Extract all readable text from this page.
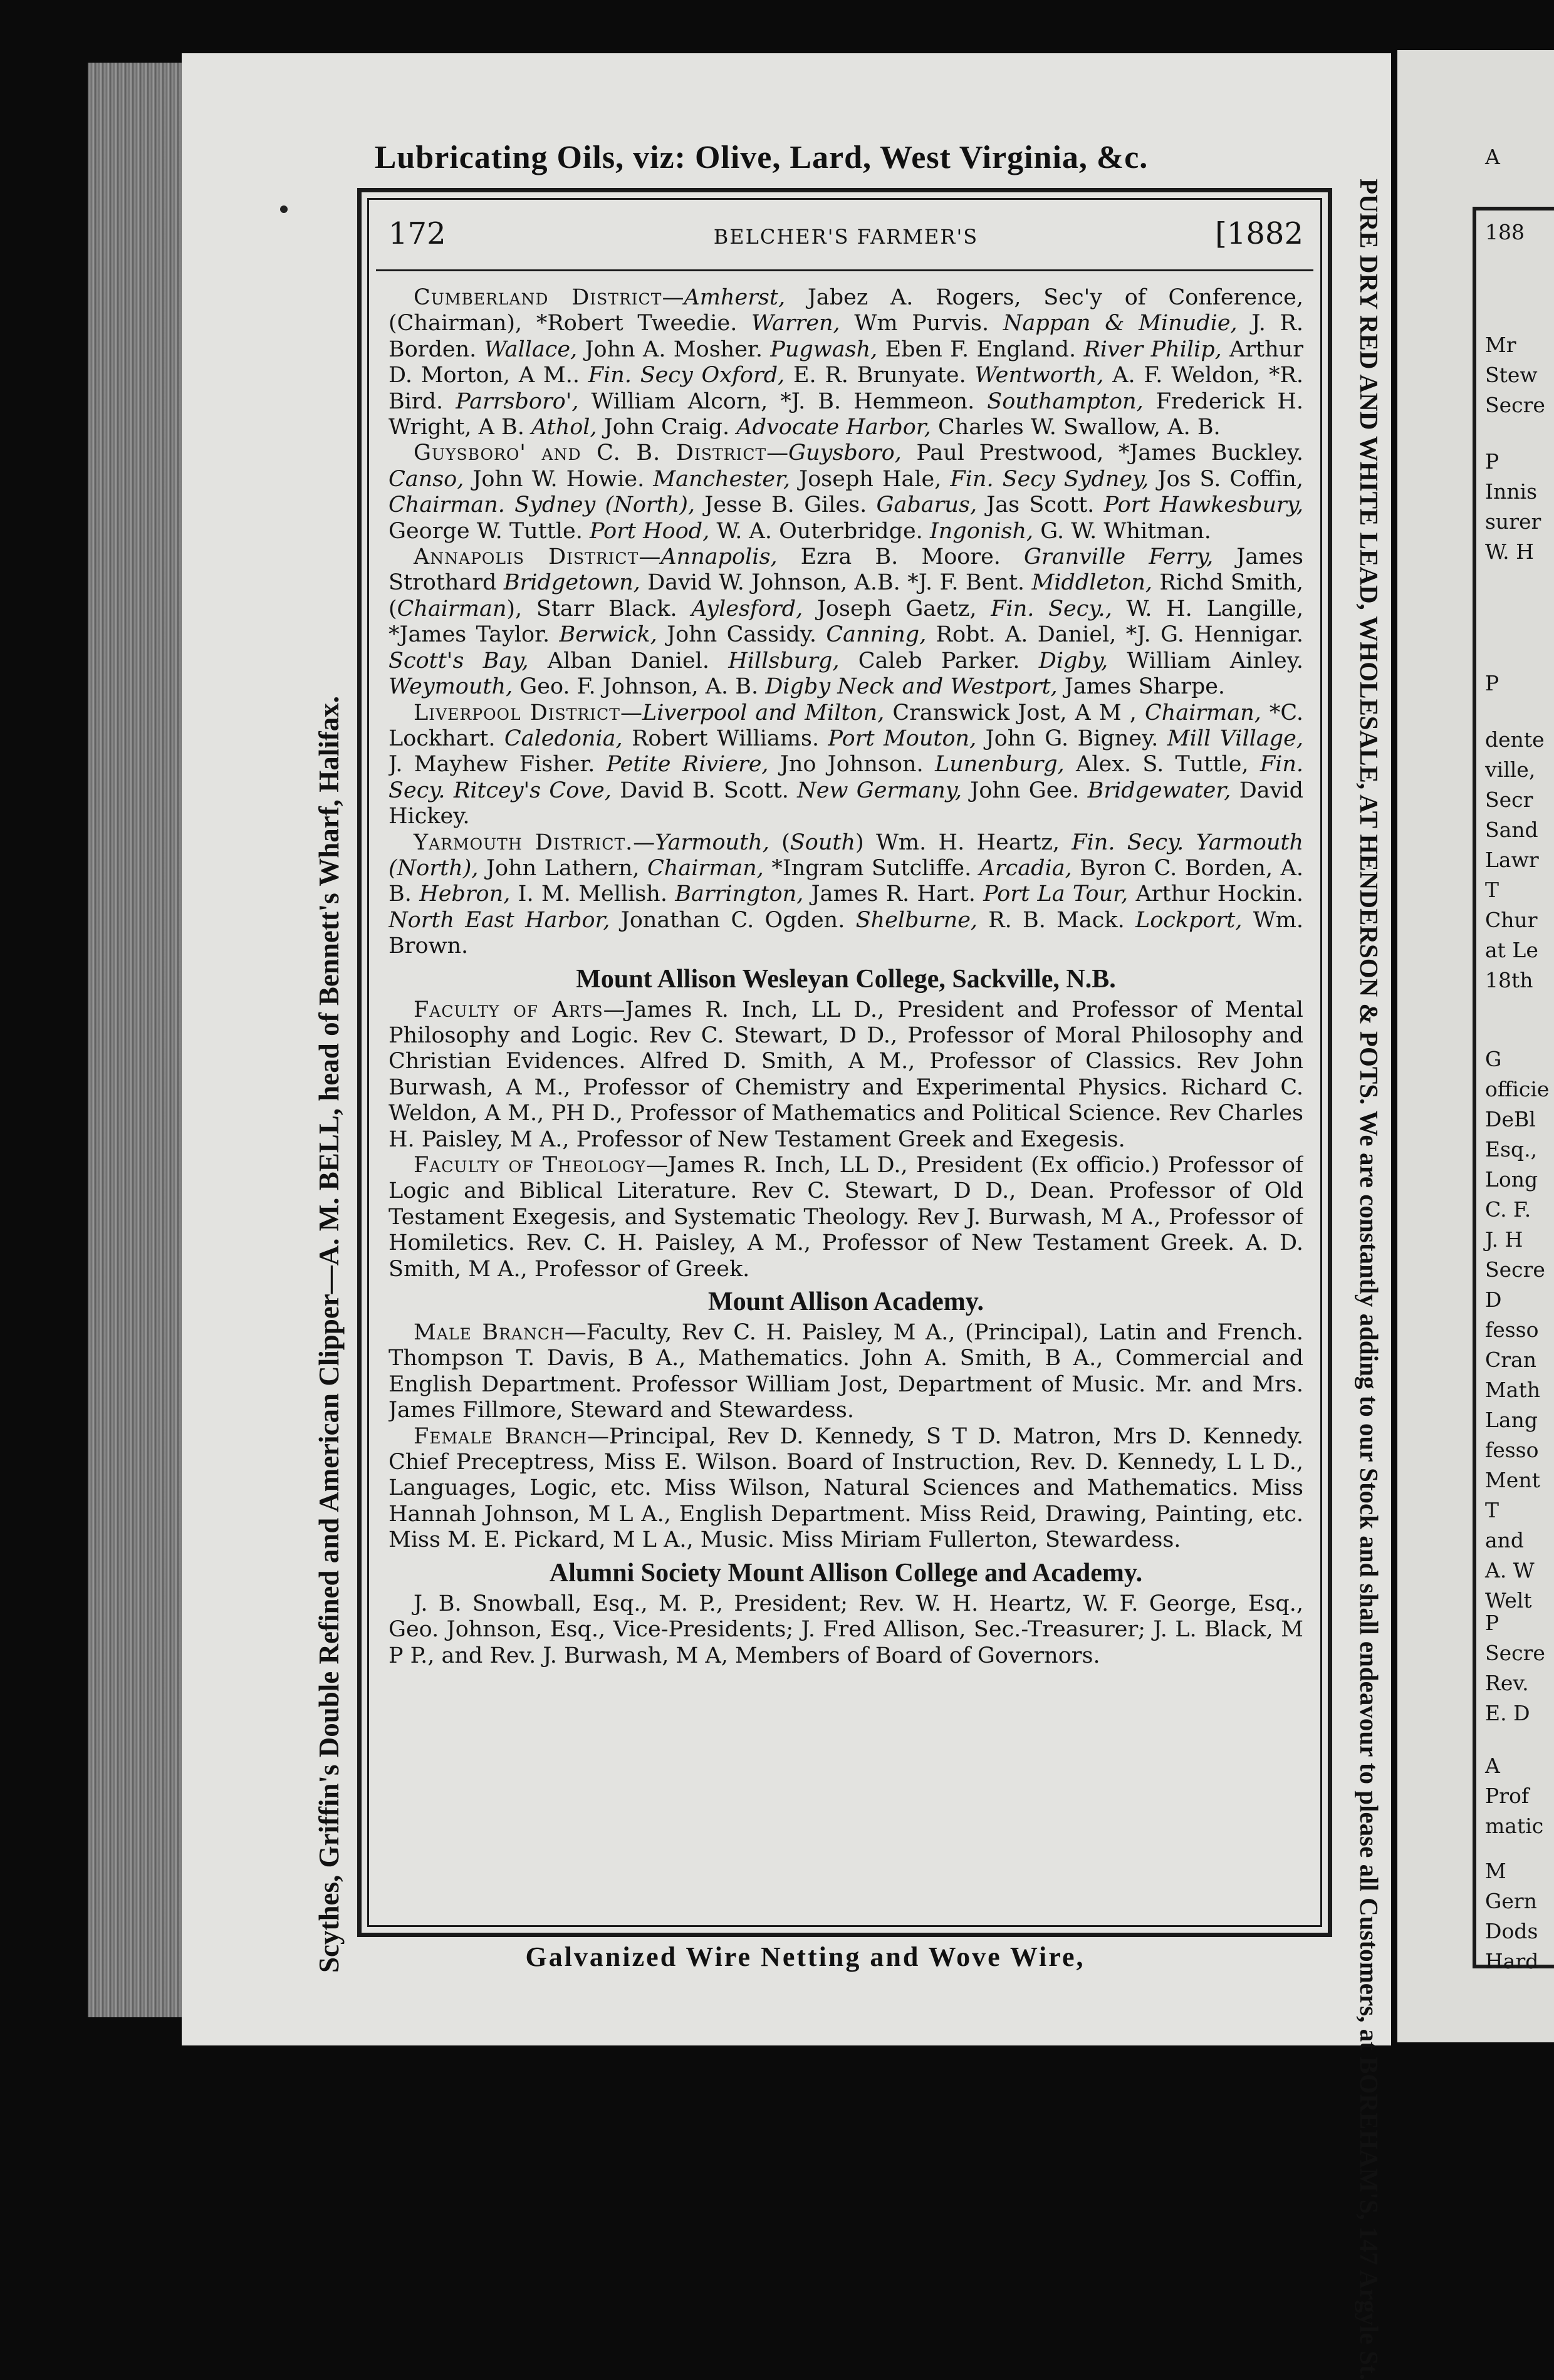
A
188
Mr
Stew
Secre
P
Innis
surer
W. H
P
dente
ville,
Secr
Sand
Lawr
T
Chur
at Le
18th
G
officie
DeBl
Esq.,
Long
C. F.
J. H
Secre
D
fesso
Cran
Math
Lang
fesso
Ment
T
and
A. W
Welt
P
Secre
Rev.
E. D
A
Prof
matic
M
Gern
Dods
Hard
Lubricating Oils, viz: Olive, Lard, West Virginia, &c.
Scythes, Griffin's Double Refined and American Clipper—A. M. BELL, head of Bennett's Wharf, Halifax.	PURE DRY RED AND WHITE LEAD, WHOLESALE, AT HENDERSON & POTS. We are constantly adding to our Stock and shall endeavour to please all Customers, at BOREHAM'S, 147 Argyle St.
Galvanized Wire Netting and Wove Wire,
172	BELCHER'S FARMER'S	[1882

Cumberland District—Amherst, Jabez A. Rogers, Sec'y of Conference, (Chairman), *Robert Tweedie. Warren, Wm Purvis. Nappan & Minudie, J. R. Borden. Wallace, John A. Mosher. Pugwash, Eben F. England. River Philip, Arthur D. Morton, A M.. Fin. Secy Oxford, E. R. Brunyate. Wentworth, A. F. Weldon, *R. Bird. Parrsboro', William Alcorn, *J. B. Hemmeon. Southampton, Frederick H. Wright, A B. Athol, John Craig. Advocate Harbor, Charles W. Swallow, A. B.

Guysboro' and C. B. District—Guysboro, Paul Prestwood, *James Buckley. Canso, John W. Howie. Manchester, Joseph Hale, Fin. Secy Sydney, Jos S. Coffin, Chairman. Sydney (North), Jesse B. Giles. Gabarus, Jas Scott. Port Hawkesbury, George W. Tuttle. Port Hood, W. A. Outerbridge. Ingonish, G. W. Whitman.

Annapolis District—Annapolis, Ezra B. Moore. Granville Ferry, James Strothard Bridgetown, David W. Johnson, A.B. *J. F. Bent. Middleton, Richd Smith, (Chairman), Starr Black. Aylesford, Joseph Gaetz, Fin. Secy., W. H. Langille, *James Taylor. Berwick, John Cassidy. Canning, Robt. A. Daniel, *J. G. Hennigar. Scott's Bay, Alban Daniel. Hillsburg, Caleb Parker. Digby, William Ainley. Weymouth, Geo. F. Johnson, A. B. Digby Neck and Westport, James Sharpe.

Liverpool District—Liverpool and Milton, Cranswick Jost, A M , Chairman, *C. Lockhart. Caledonia, Robert Williams. Port Mouton, John G. Bigney. Mill Village, J. Mayhew Fisher. Petite Riviere, Jno Johnson. Lunenburg, Alex. S. Tuttle, Fin. Secy. Ritcey's Cove, David B. Scott. New Germany, John Gee. Bridgewater, David Hickey.

Yarmouth District.—Yarmouth, (South) Wm. H. Heartz, Fin. Secy. Yarmouth (North), John Lathern, Chairman, *Ingram Sutcliffe. Arcadia, Byron C. Borden, A. B. Hebron, I. M. Mellish. Barrington, James R. Hart. Port La Tour, Arthur Hockin. North East Harbor, Jonathan C. Ogden. Shelburne, R. B. Mack. Lockport, Wm. Brown.

Mount Allison Wesleyan College, Sackville, N.B.

Faculty of Arts—James R. Inch, LL D., President and Professor of Mental Philosophy and Logic. Rev C. Stewart, D D., Professor of Moral Philosophy and Christian Evidences. Alfred D. Smith, A M., Professor of Classics. Rev John Burwash, A M., Professor of Chemistry and Experimental Physics. Richard C. Weldon, A M., PH D., Professor of Mathematics and Political Science. Rev Charles H. Paisley, M A., Professor of New Testament Greek and Exegesis.

Faculty of Theology—James R. Inch, LL D., President (Ex officio.) Professor of Logic and Biblical Literature. Rev C. Stewart, D D., Dean. Professor of Old Testament Exegesis, and Systematic Theology. Rev J. Burwash, M A., Professor of Homiletics. Rev. C. H. Paisley, A M., Professor of New Testament Greek. A. D. Smith, M A., Professor of Greek.

Mount Allison Academy.

Male Branch—Faculty, Rev C. H. Paisley, M A., (Principal), Latin and French. Thompson T. Davis, B A., Mathematics. John A. Smith, B A., Commercial and English Department. Professor William Jost, Department of Music. Mr. and Mrs. James Fillmore, Steward and Stewardess.

Female Branch—Principal, Rev D. Kennedy, S T D. Matron, Mrs D. Kennedy. Chief Preceptress, Miss E. Wilson. Board of Instruction, Rev. D. Kennedy, L L D., Languages, Logic, etc. Miss Wilson, Natural Sciences and Mathematics. Miss Hannah Johnson, M L A., English Department. Miss Reid, Drawing, Painting, etc. Miss M. E. Pickard, M L A., Music. Miss Miriam Fullerton, Stewardess.

Alumni Society Mount Allison College and Academy.

J. B. Snowball, Esq., M. P., President; Rev. W. H. Heartz, W. F. George, Esq., Geo. Johnson, Esq., Vice-Presidents; J. Fred Allison, Sec.-Treasurer; J. L. Black, M P P., and Rev. J. Burwash, M A, Members of Board of Governors.
